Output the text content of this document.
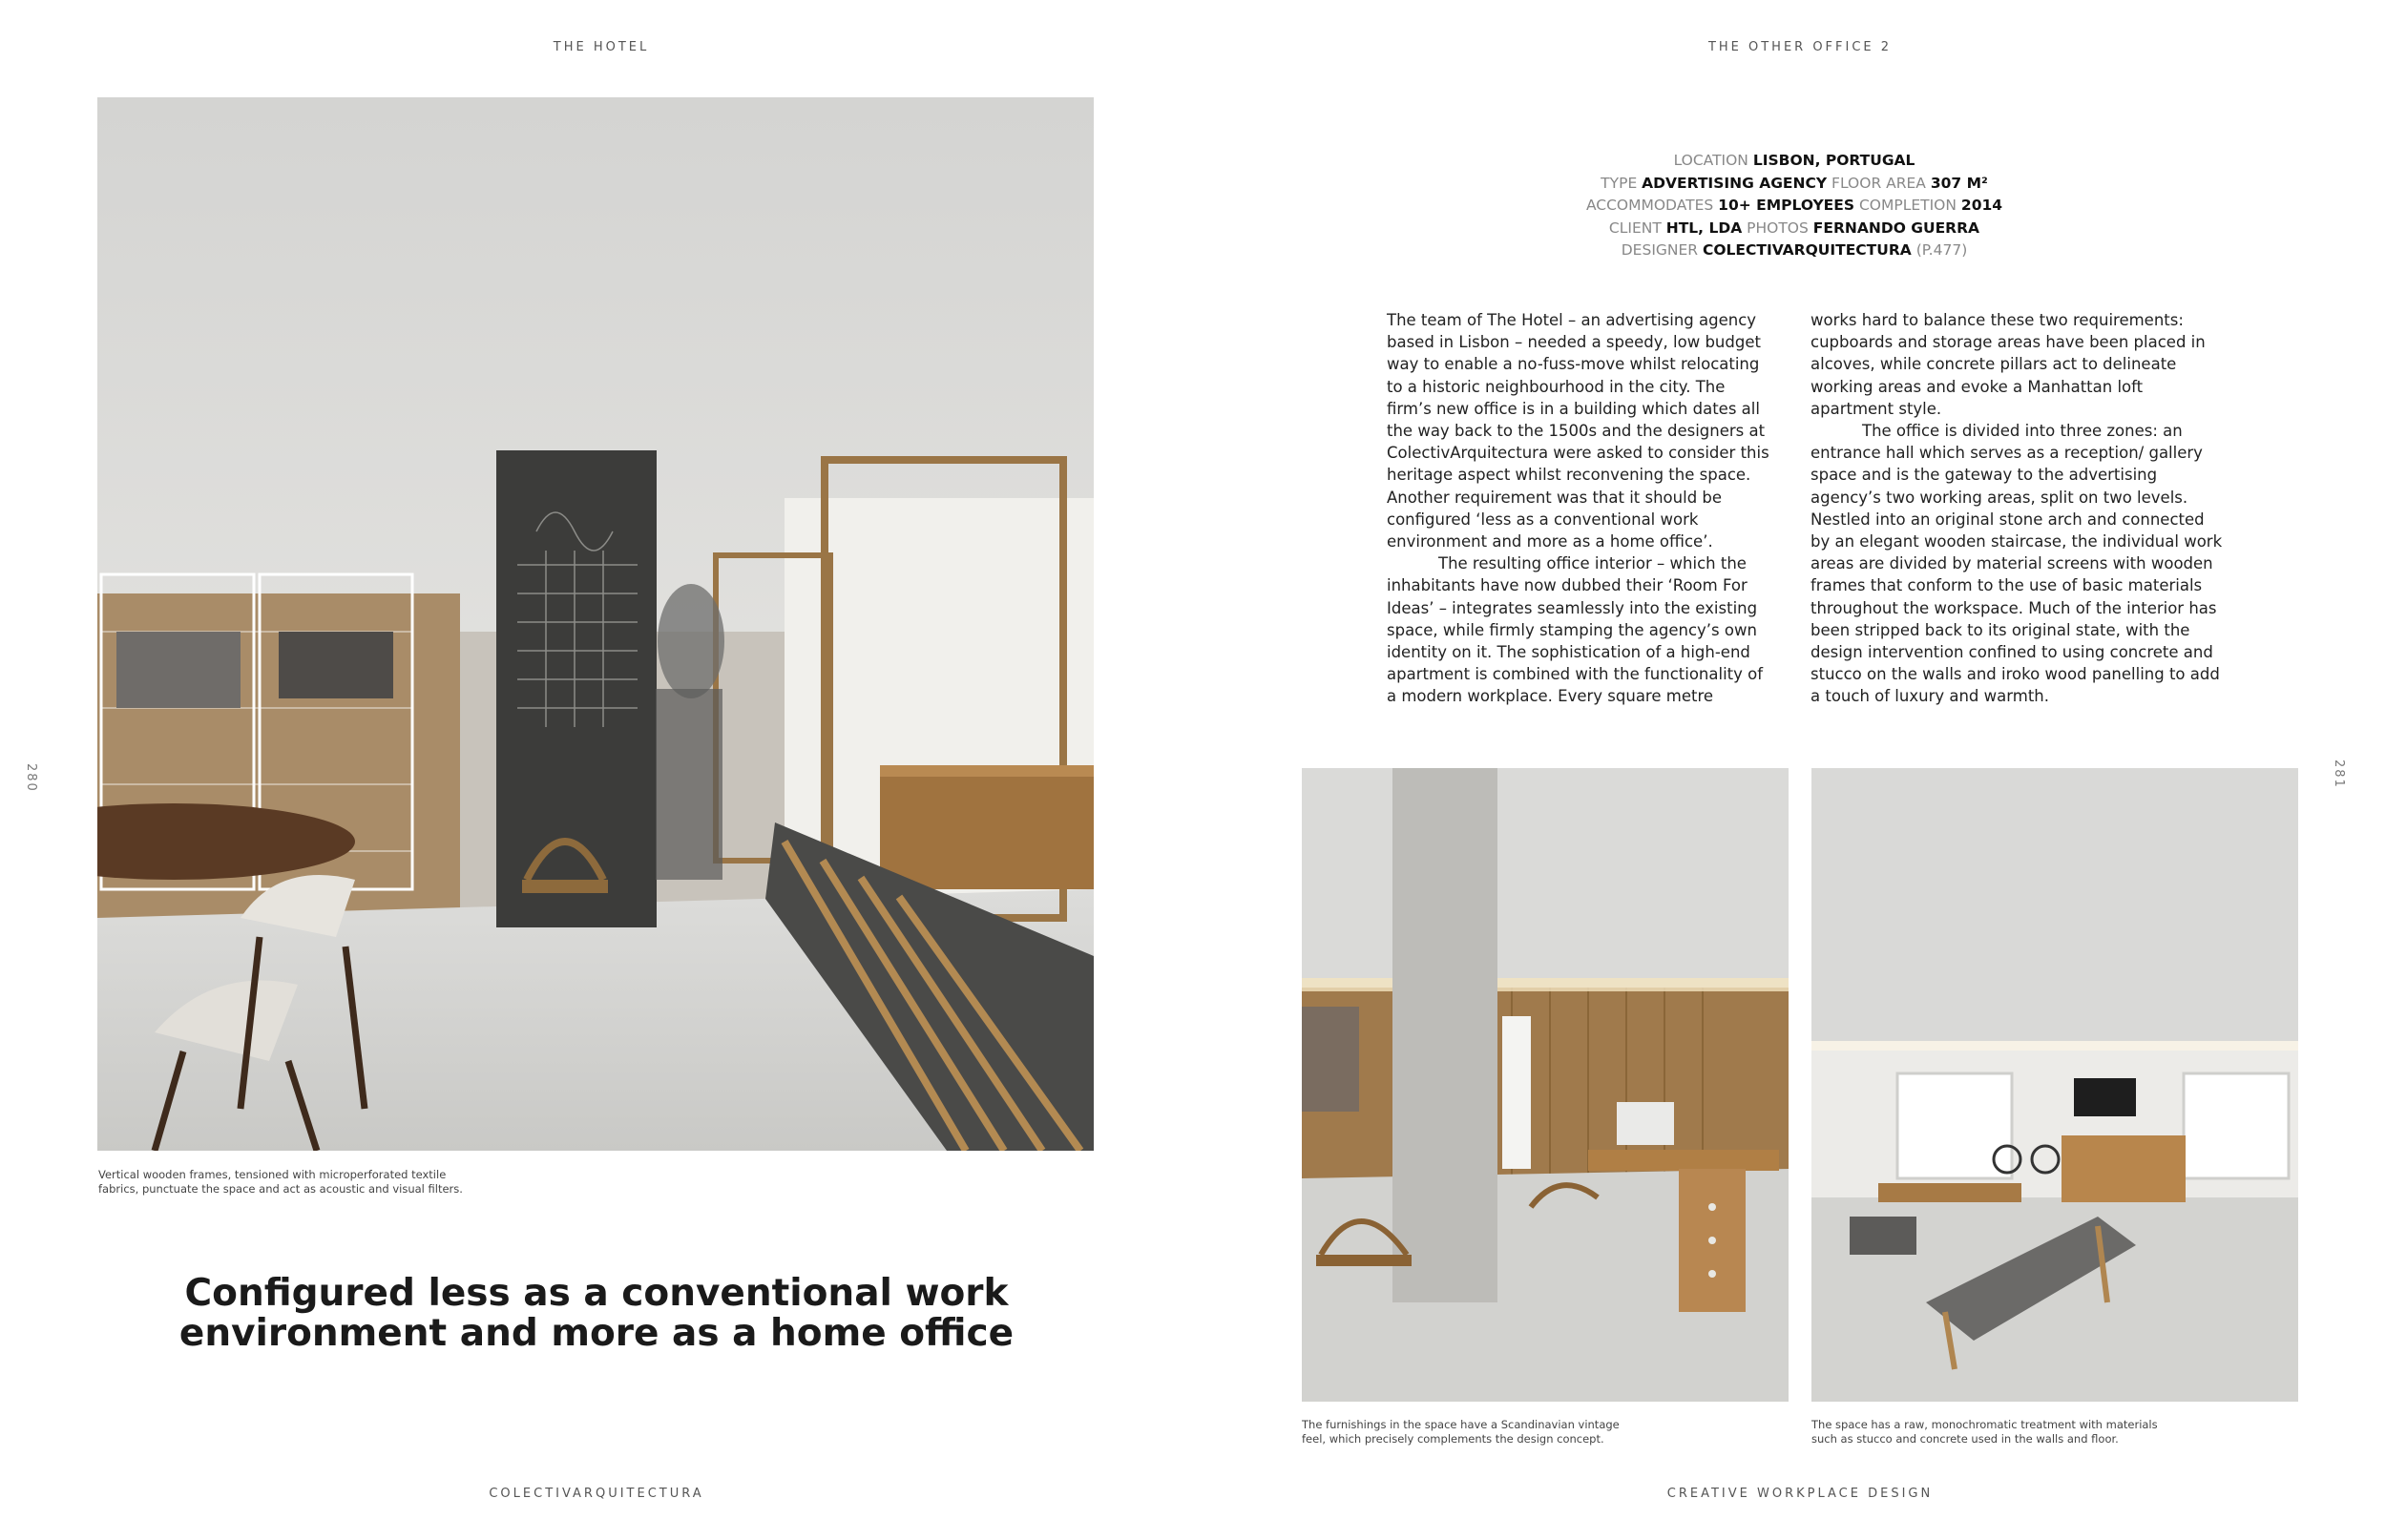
THE HOTEL
280
Vertical wooden frames, tensioned with microperforated textile
fabrics, punctuate the space and act as acoustic and visual filters.
Configured less as a conventional work
environment and more as a home office
COLECTIVARQUITECTURA
THE OTHER OFFICE 2
281
LOCATION LISBON, PORTUGAL
TYPE ADVERTISING AGENCY FLOOR AREA 307 M²
ACCOMMODATES 10+ EMPLOYEES COMPLETION 2014
CLIENT HTL, LDA PHOTOS FERNANDO GUERRA
DESIGNER COLECTIVARQUITECTURA (P.477)

The team of The Hotel – an advertising agency based in Lisbon – needed a speedy, low budget way to enable a no-fuss-move whilst relocating to a historic neighbourhood in the city. The firm’s new office is in a building which dates all the way back to the 1500s and the designers at ColectivArquitectura were asked to consider this heritage aspect whilst reconvening the space. Another requirement was that it should be configured ‘less as a conventional work environment and more as a home office’.

The resulting office interior – which the inhabitants have now dubbed their ‘Room For Ideas’ – integrates seamlessly into the existing space, while firmly stamping the agency’s own identity on it. The sophistication of a high-end apartment is combined with the functionality of a modern workplace. Every square metre

works hard to balance these two requirements: cupboards and storage areas have been placed in alcoves, while concrete pillars act to delineate working areas and evoke a Manhattan loft apartment style.

The office is divided into three zones: an entrance hall which serves as a reception/ gallery space and is the gateway to the advertising agency’s two working areas, split on two levels. Nestled into an original stone arch and connected by an elegant wooden staircase, the individual work areas are divided by material screens with wooden frames that conform to the use of basic materials throughout the workspace. Much of the interior has been stripped back to its original state, with the design intervention confined to using concrete and stucco on the walls and iroko wood panelling to add a touch of luxury and warmth.

The furnishings in the space have a Scandinavian vintage
feel, which precisely complements the design concept.
The space has a raw, monochromatic treatment with materials
such as stucco and concrete used in the walls and floor.
CREATIVE WORKPLACE DESIGN
